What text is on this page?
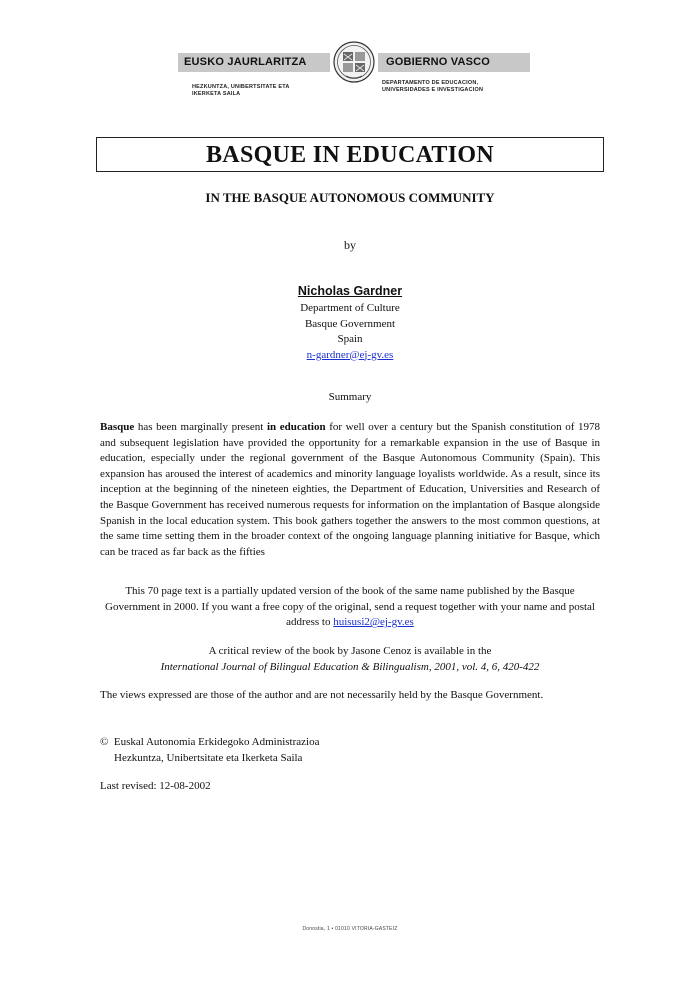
EUSKO JAURLARITZA	GOBIERNO VASCO
HEZKUNTZA, UNIBERTSITATE ETA
IKERKETA SAILA
DEPARTAMENTO DE EDUCACION,
UNIVERSIDADES E INVESTIGACION
BASQUE IN EDUCATION
IN THE BASQUE AUTONOMOUS COMMUNITY
by
Nicholas Gardner
Department of Culture
Basque Government
Spain
n-gardner@ej-gv.es
Summary
Basque has been marginally present in education for well over a century but the Spanish constitution of 1978 and subsequent legislation have provided the opportunity for a remarkable expansion in the use of Basque in education, especially under the regional government of the Basque Autonomous Community (Spain). This expansion has aroused the interest of academics and minority language loyalists worldwide. As a result, since its inception at the beginning of the nineteen eighties, the Department of Education, Universities and Research of the Basque Government has received numerous requests for information on the implantation of Basque alongside Spanish in the local education system. This book gathers together the answers to the most common questions, at the same time setting them in the broader context of the ongoing language planning initiative for Basque, which can be traced as far back as the fifties
This 70 page text is a partially updated version of the book of the same name published by the Basque Government in 2000. If you want a free copy of the original, send a request together with your name and postal address to huisusi2@ej-gv.es
A critical review of the book by Jasone Cenoz is available in the
International Journal of Bilingual Education & Bilingualism, 2001, vol. 4, 6, 420-422
The views expressed are those of the author and are not necessarily held by the Basque Government.
© Euskal Autonomia Erkidegoko Administrazioa
Hezkuntza, Unibertsitate eta Ikerketa Saila
Last revised: 12-08-2002
Donostia, 1 • 01010 VITORIA-GASTEIZ
